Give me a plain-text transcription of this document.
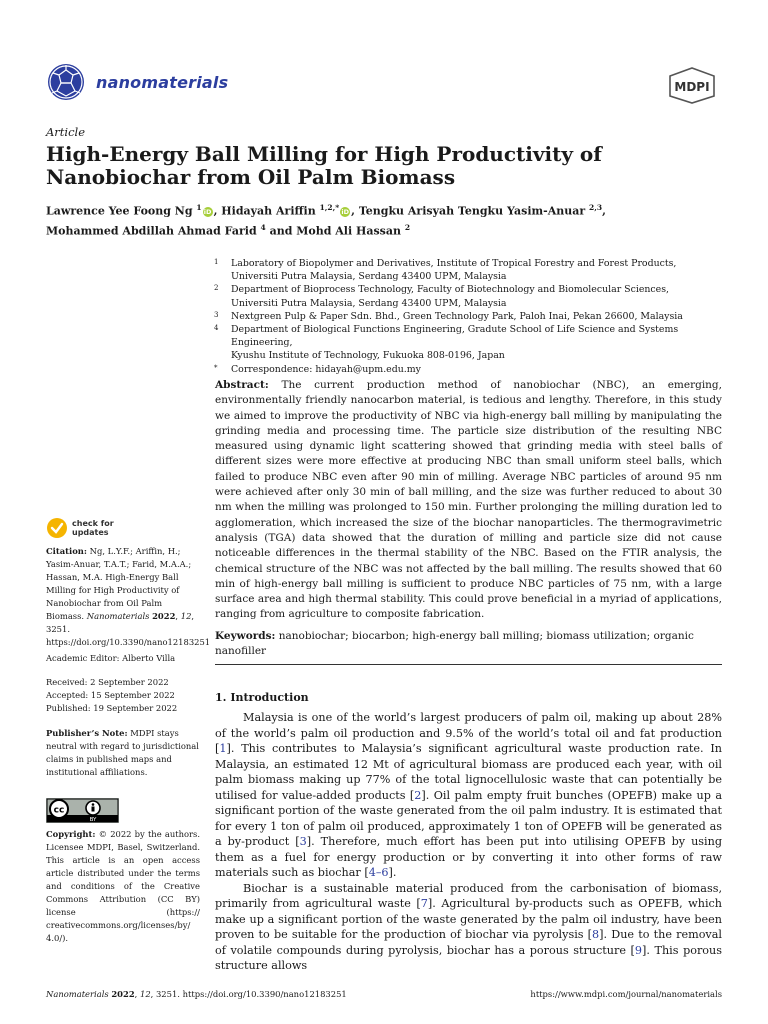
nanomaterials	MDPI
Article
High-Energy Ball Milling for High Productivity of Nanobiochar from Oil Palm Biomass
Lawrence Yee Foong Ng $^1$ iD , Hidayah Ariffin $^{1,2,*}$ iD , Tengku Arisyah Tengku Yasim-Anuar $^{2,3}$,
Mohammed Abdillah Ahmad Farid $^4$ and Mohd Ali Hassan $^2$
1	Laboratory of Biopolymer and Derivatives, Institute of Tropical Forestry and Forest Products,
Universiti Putra Malaysia, Serdang 43400 UPM, Malaysia
2	Department of Bioprocess Technology, Faculty of Biotechnology and Biomolecular Sciences,
Universiti Putra Malaysia, Serdang 43400 UPM, Malaysia
3	Nextgreen Pulp & Paper Sdn. Bhd., Green Technology Park, Paloh Inai, Pekan 26600, Malaysia
4	Department of Biological Functions Engineering, Gradute School of Life Science and Systems Engineering,
Kyushu Institute of Technology, Fukuoka 808-0196, Japan
*	Correspondence: hidayah@upm.edu.my
Abstract: The current production method of nanobiochar (NBC), an emerging, environmentally friendly nanocarbon material, is tedious and lengthy. Therefore, in this study we aimed to improve the productivity of NBC via high-energy ball milling by manipulating the grinding media and processing time. The particle size distribution of the resulting NBC measured using dynamic light scattering showed that grinding media with steel balls of different sizes were more effective at producing NBC than small uniform steel balls, which failed to produce NBC even after 90 min of milling. Average NBC particles of around 95 nm were achieved after only 30 min of ball milling, and the size was further reduced to about 30 nm when the milling was prolonged to 150 min. Further prolonging the milling duration led to agglomeration, which increased the size of the biochar nanoparticles. The thermogravimetric analysis (TGA) data showed that the duration of milling and particle size did not cause noticeable differences in the thermal stability of the NBC. Based on the FTIR analysis, the chemical structure of the NBC was not affected by the ball milling. The results showed that 60 min of high-energy ball milling is sufficient to produce NBC particles of 75 nm, with a large surface area and high thermal stability. This could prove beneficial in a myriad of applications, ranging from agriculture to composite fabrication.
Keywords: nanobiochar; biocarbon; high-energy ball milling; biomass utilization; organic nanofiller
check for
updates
Citation: Ng, L.Y.F.; Ariffin, H.; Yasim-Anuar, T.A.T.; Farid, M.A.A.; Hassan, M.A. High-Energy Ball Milling for High Productivity of Nanobiochar from Oil Palm Biomass. Nanomaterials 2022, 12, 3251. https://doi.org/10.3390/nano12183251
Academic Editor: Alberto Villa
Received: 2 September 2022
Accepted: 15 September 2022
Published: 19 September 2022
Publisher’s Note: MDPI stays neutral with regard to jurisdictional claims in published maps and institutional affiliations.
cc
BY
Copyright: © 2022 by the authors. Licensee MDPI, Basel, Switzerland. This article is an open access article distributed under the terms and conditions of the Creative Commons Attribution (CC BY) license (https:// creativecommons.org/licenses/by/ 4.0/).
1. Introduction

Malaysia is one of the world’s largest producers of palm oil, making up about 28% of the world’s palm oil production and 9.5% of the world’s total oil and fat production [1]. This contributes to Malaysia’s significant agricultural waste production rate. In Malaysia, an estimated 12 Mt of agricultural biomass are produced each year, with oil palm biomass making up 77% of the total lignocellulosic waste that can potentially be utilised for value-added products [2]. Oil palm empty fruit bunches (OPEFB) make up a significant portion of the waste generated from the oil palm industry. It is estimated that for every 1 ton of palm oil produced, approximately 1 ton of OPEFB will be generated as a by-product [3]. Therefore, much effort has been put into utilising OPEFB by using them as a fuel for energy production or by converting it into other forms of raw materials such as biochar [4–6].

Biochar is a sustainable material produced from the carbonisation of biomass, primarily from agricultural waste [7]. Agricultural by-products such as OPEFB, which make up a significant portion of the waste generated by the palm oil industry, have been proven to be suitable for the production of biochar via pyrolysis [8]. Due to the removal of volatile compounds during pyrolysis, biochar has a porous structure [9]. This porous structure allows

Nanomaterials 2022, 12, 3251. https://doi.org/10.3390/nano12183251	https://www.mdpi.com/journal/nanomaterials
